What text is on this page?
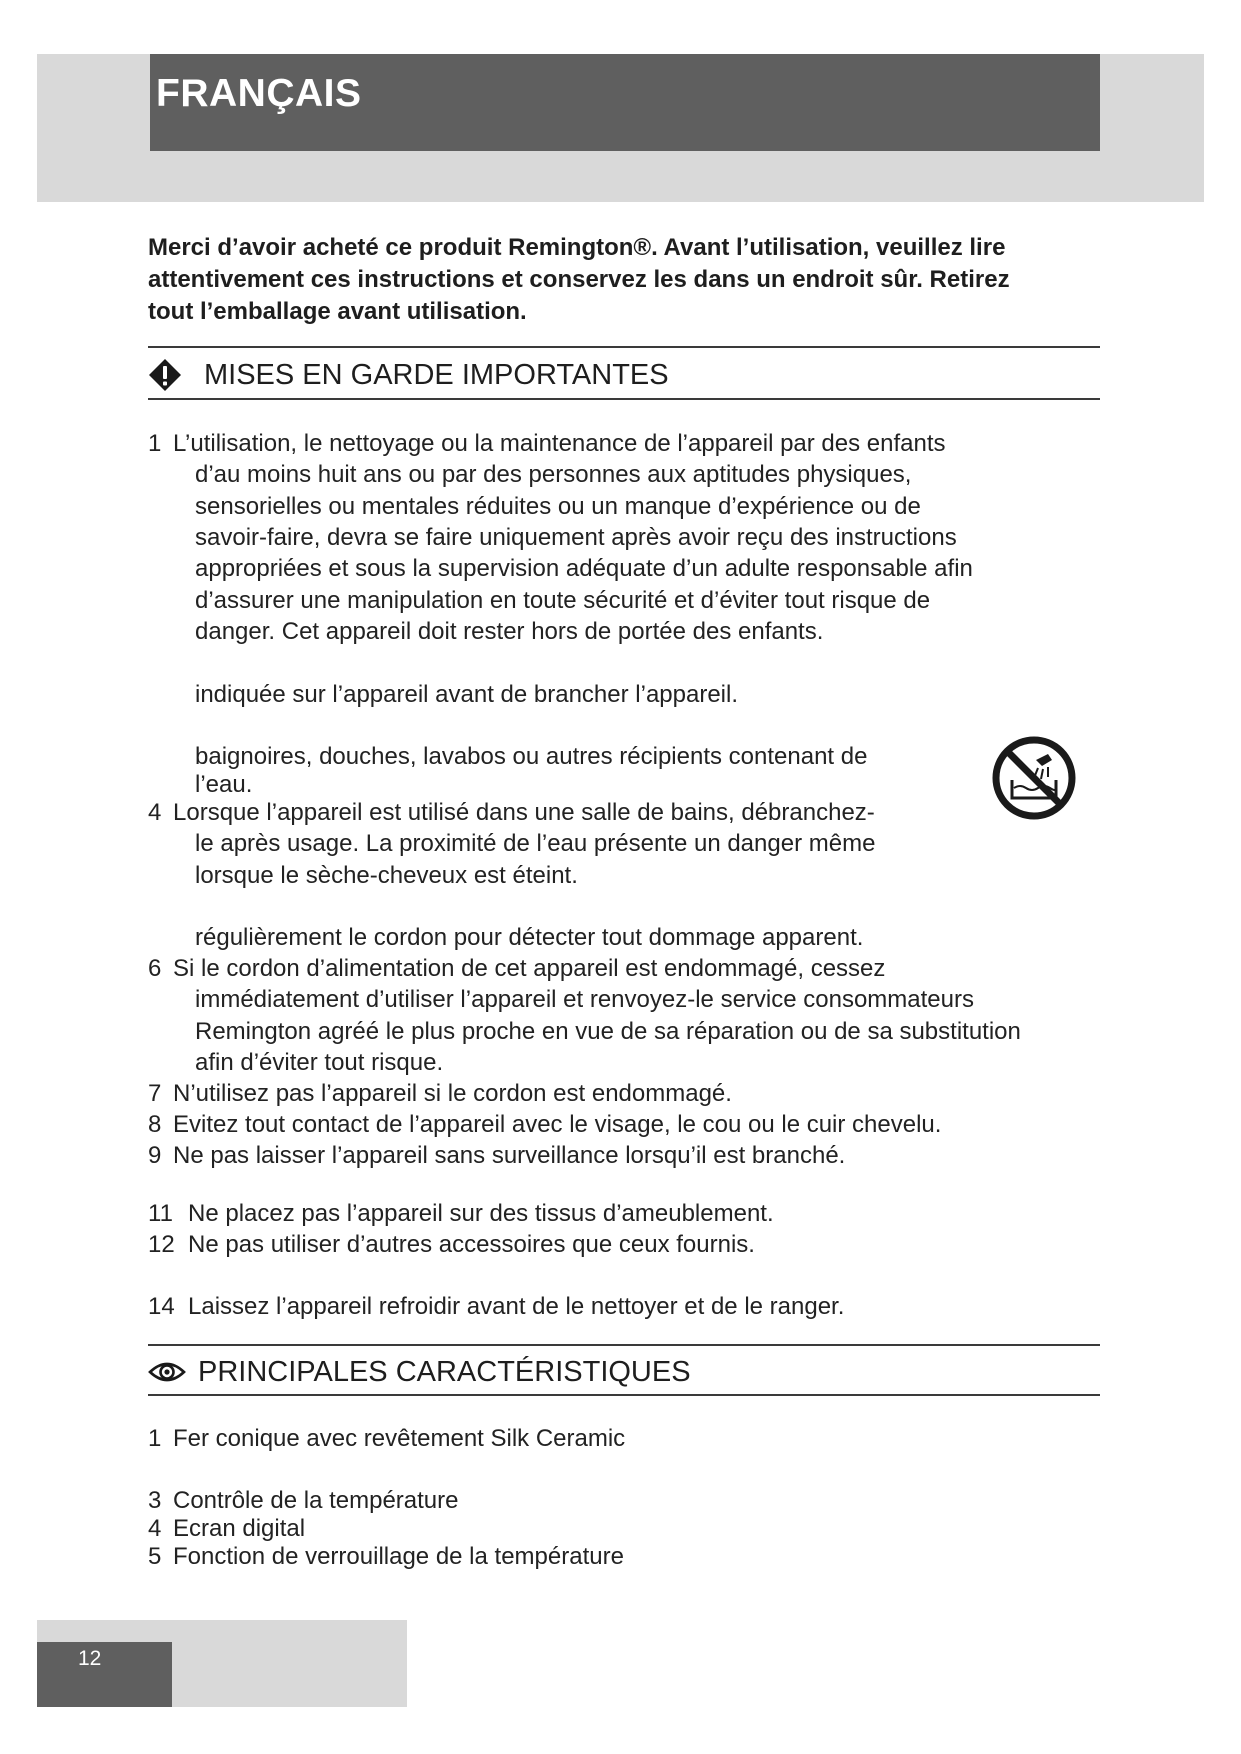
FRANÇAIS
Merci d’avoir acheté ce produit Remington®. Avant l’utilisation, veuillez lire
attentivement ces instructions et conservez les dans un endroit sûr. Retirez
tout l’emballage avant utilisation.
MISES EN GARDE IMPORTANTES
1 L’utilisation, le nettoyage ou la maintenance de l’appareil par des enfants
d’au moins huit ans ou par des personnes aux aptitudes physiques,
sensorielles ou mentales réduites ou un manque d’expérience ou de
savoir-faire, devra se faire uniquement après avoir reçu des instructions
appropriées et sous la supervision adéquate d’un adulte responsable afin
d’assurer une manipulation en toute sécurité et d’éviter tout risque de
danger. Cet appareil doit rester hors de portée des enfants.
indiquée sur l’appareil avant de brancher l’appareil.
baignoires, douches, lavabos ou autres récipients contenant de
l’eau.
4 Lorsque l’appareil est utilisé dans une salle de bains, débranchez-
le après usage. La proximité de l’eau présente un danger même
lorsque le sèche-cheveux est éteint.
régulièrement le cordon pour détecter tout dommage apparent.
6 Si le cordon d’alimentation de cet appareil est endommagé, cessez
immédiatement d’utiliser l’appareil et renvoyez-le service consommateurs
Remington agréé le plus proche en vue de sa réparation ou de sa substitution
afin d’éviter tout risque.
7 N’utilisez pas l’appareil si le cordon est endommagé.
8 Evitez tout contact de l’appareil avec le visage, le cou ou le cuir chevelu.
9 Ne pas laisser l’appareil sans surveillance lorsqu’il est branché.
11 Ne placez pas l’appareil sur des tissus d’ameublement.
12 Ne pas utiliser d’autres accessoires que ceux fournis.
14 Laissez l’appareil refroidir avant de le nettoyer et de le ranger.
PRINCIPALES CARACTÉRISTIQUES
1 Fer conique avec revêtement Silk Ceramic
3 Contrôle de la température
4 Ecran digital
5 Fonction de verrouillage de la température
12
